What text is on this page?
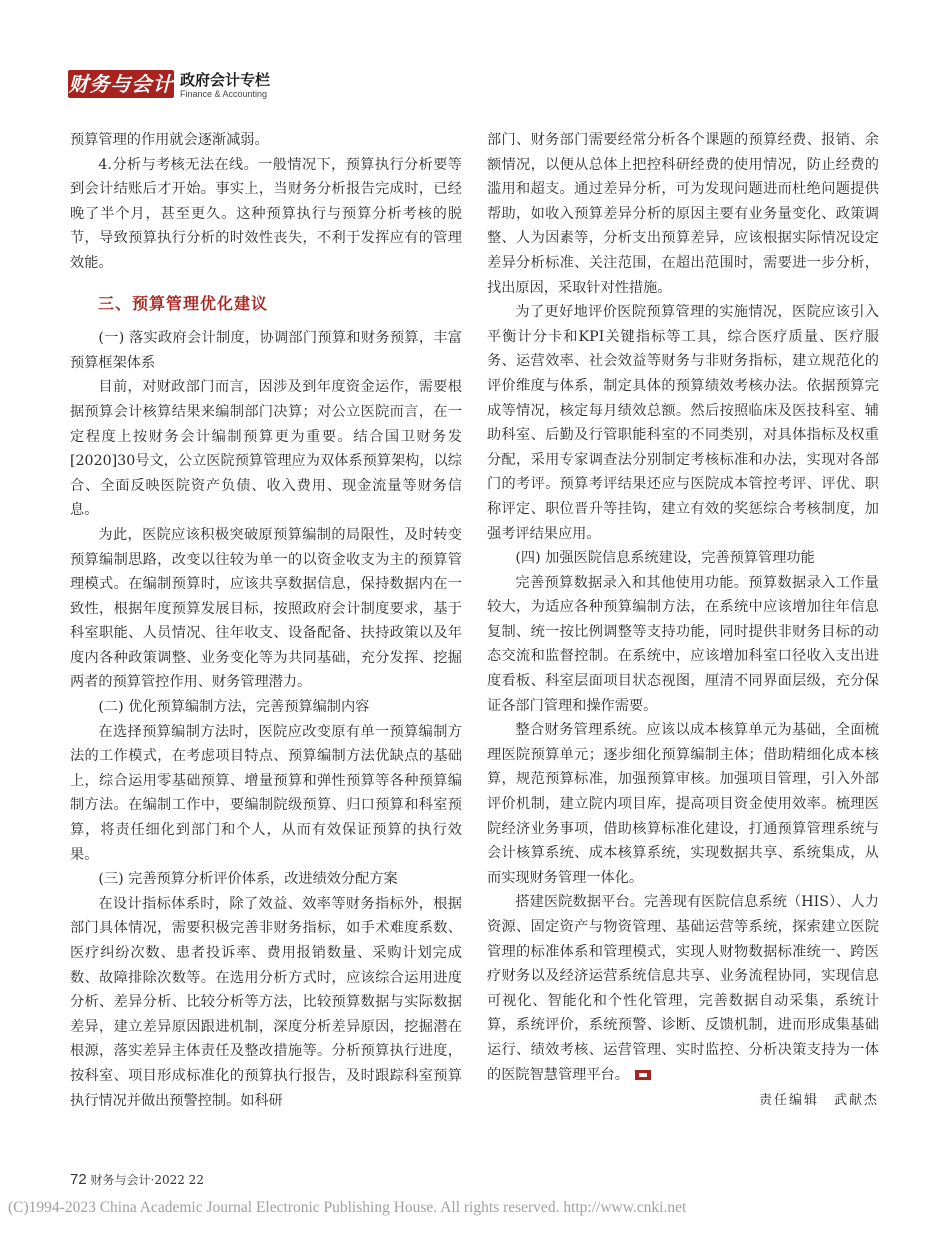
财务与会计 政府会计专栏
Finance & Accounting

预算管理的作用就会逐渐减弱。

4.分析与考核无法在线。一般情况下，预算执行分析要等到会计结账后才开始。事实上，当财务分析报告完成时，已经晚了半个月，甚至更久。这种预算执行与预算分析考核的脱节，导致预算执行分析的时效性丧失，不利于发挥应有的管理效能。

三、预算管理优化建议

(一) 落实政府会计制度，协调部门预算和财务预算，丰富预算框架体系

目前，对财政部门而言，因涉及到年度资金运作，需要根据预算会计核算结果来编制部门决算；对公立医院而言，在一定程度上按财务会计编制预算更为重要。结合国卫财务发[2020]30号文，公立医院预算管理应为双体系预算架构，以综合、全面反映医院资产负债、收入费用、现金流量等财务信息。

为此，医院应该积极突破原预算编制的局限性，及时转变预算编制思路，改变以往较为单一的以资金收支为主的预算管理模式。在编制预算时，应该共享数据信息，保持数据内在一致性，根据年度预算发展目标，按照政府会计制度要求，基于科室职能、人员情况、往年收支、设备配备、扶持政策以及年度内各种政策调整、业务变化等为共同基础，充分发挥、挖掘两者的预算管控作用、财务管理潜力。

(二) 优化预算编制方法，完善预算编制内容

在选择预算编制方法时，医院应改变原有单一预算编制方法的工作模式，在考虑项目特点、预算编制方法优缺点的基础上，综合运用零基础预算、增量预算和弹性预算等各种预算编制方法。在编制工作中，要编制院级预算、归口预算和科室预算，将责任细化到部门和个人，从而有效保证预算的执行效果。

(三) 完善预算分析评价体系，改进绩效分配方案

在设计指标体系时，除了效益、效率等财务指标外，根据部门具体情况，需要积极完善非财务指标，如手术难度系数、医疗纠纷次数、患者投诉率、费用报销数量、采购计划完成数、故障排除次数等。在选用分析方式时，应该综合运用进度分析、差异分析、比较分析等方法，比较预算数据与实际数据差异，建立差异原因跟进机制，深度分析差异原因，挖掘潜在根源，落实差异主体责任及整改措施等。分析预算执行进度，按科室、项目形成标准化的预算执行报告，及时跟踪科室预算执行情况并做出预警控制。如科研

部门、财务部门需要经常分析各个课题的预算经费、报销、余额情况，以便从总体上把控科研经费的使用情况，防止经费的滥用和超支。通过差异分析，可为发现问题进而杜绝问题提供帮助，如收入预算差异分析的原因主要有业务量变化、政策调整、人为因素等，分析支出预算差异，应该根据实际情况设定差异分析标准、关注范围，在超出范围时，需要进一步分析，找出原因，采取针对性措施。

为了更好地评价医院预算管理的实施情况，医院应该引入平衡计分卡和KPI关键指标等工具，综合医疗质量、医疗服务、运营效率、社会效益等财务与非财务指标，建立规范化的评价维度与体系，制定具体的预算绩效考核办法。依据预算完成等情况，核定每月绩效总额。然后按照临床及医技科室、辅助科室、后勤及行管职能科室的不同类别，对具体指标及权重分配，采用专家调查法分别制定考核标准和办法，实现对各部门的考评。预算考评结果还应与医院成本管控考评、评优、职称评定、职位晋升等挂钩，建立有效的奖惩综合考核制度，加强考评结果应用。

(四) 加强医院信息系统建设，完善预算管理功能

完善预算数据录入和其他使用功能。预算数据录入工作量较大，为适应各种预算编制方法，在系统中应该增加往年信息复制、统一按比例调整等支持功能，同时提供非财务目标的动态交流和监督控制。在系统中，应该增加科室口径收入支出进度看板、科室层面项目状态视图，厘清不同界面层级，充分保证各部门管理和操作需要。

整合财务管理系统。应该以成本核算单元为基础，全面梳理医院预算单元；逐步细化预算编制主体；借助精细化成本核算，规范预算标准，加强预算审核。加强项目管理，引入外部评价机制，建立院内项目库，提高项目资金使用效率。梳理医院经济业务事项，借助核算标准化建设，打通预算管理系统与会计核算系统、成本核算系统，实现数据共享、系统集成，从而实现财务管理一体化。

搭建医院数据平台。完善现有医院信息系统（HIS）、人力资源、固定资产与物资管理、基础运营等系统，探索建立医院管理的标准体系和管理模式，实现人财物数据标准统一、跨医疗财务以及经济运营系统信息共享、业务流程协同，实现信息可视化、智能化和个性化管理，完善数据自动采集，系统计算，系统评价，系统预警、诊断、反馈机制，进而形成集基础运行、绩效考核、运营管理、实时监控、分析决策支持为一体的医院智慧管理平台。

责任编辑　武献杰

72 财务与会计·2022 22
(C)1994-2023 China Academic Journal Electronic Publishing House. All rights reserved. http://www.cnki.net
